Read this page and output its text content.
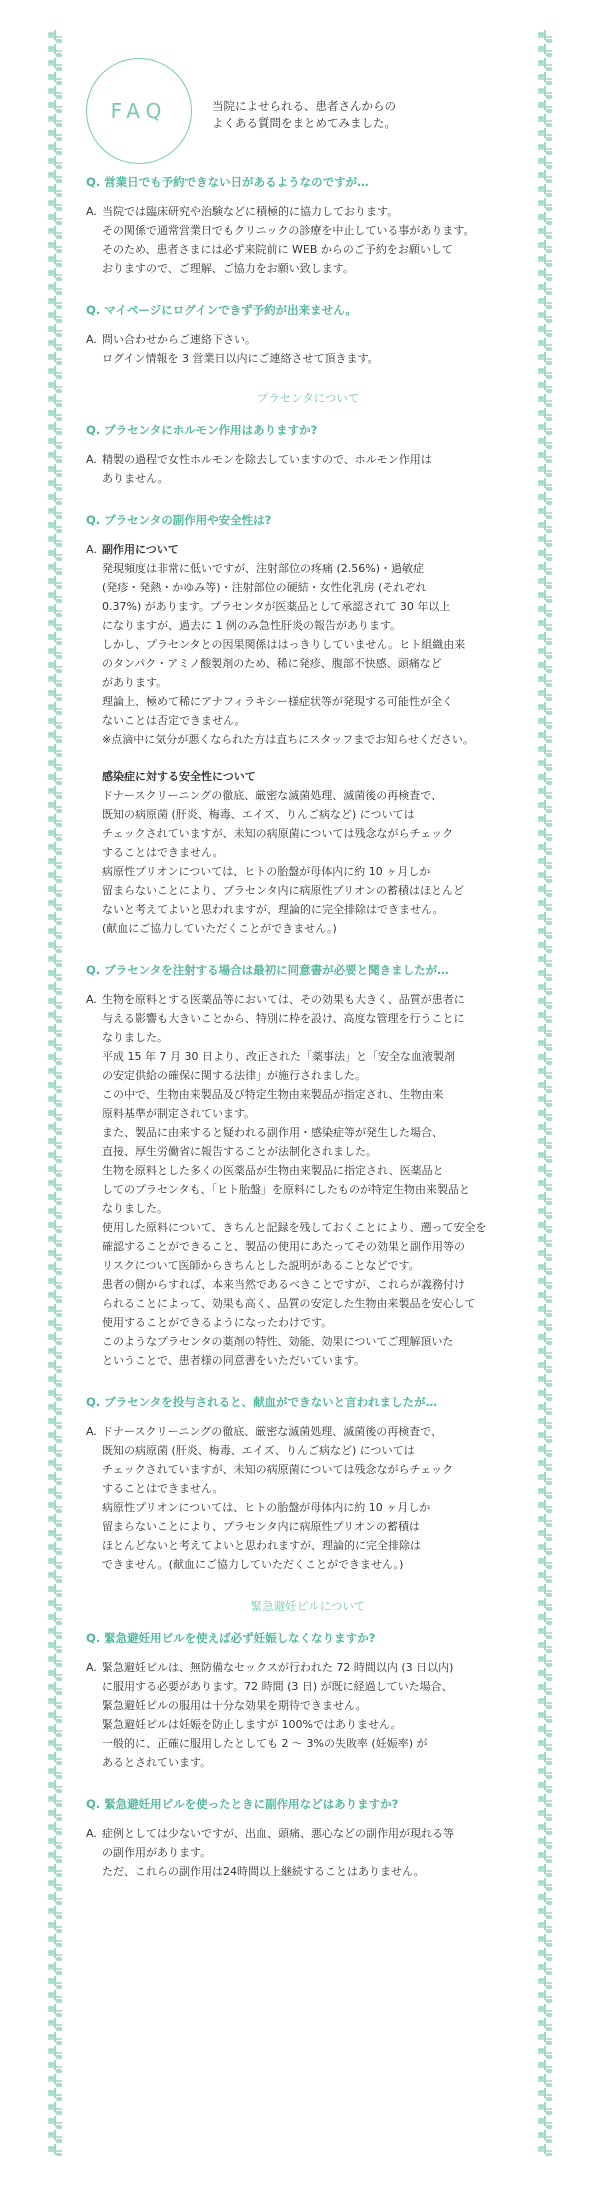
FAQ	当院によせられる、患者さんからの
よくある質問をまとめてみました。

Q. 営業日でも予約できない日があるようなのですが…

A. 当院では臨床研究や治験などに積極的に協力しております。
その関係で通常営業日でもクリニックの診療を中止している事があります。
そのため、患者さまには必ず来院前に WEB からのご予約をお願いして
おりますので、ご理解、ご協力をお願い致します。

Q. マイページにログインできず予約が出来ません。

A. 問い合わせからご連絡下さい。
ログイン情報を 3 営業日以内にご連絡させて頂きます。
プラセンタについて

Q. プラセンタにホルモン作用はありますか?

A. 精製の過程で女性ホルモンを除去していますので、ホルモン作用は
ありません。

Q. プラセンタの副作用や安全性は?

A. 副作用について
発現頻度は非常に低いですが、注射部位の疼痛 (2.56%)・過敏症
(発疹・発熱・かゆみ等)・注射部位の硬結・女性化乳房 (それぞれ
0.37%) があります。プラセンタが医薬品として承認されて 30 年以上
になりますが、過去に 1 例のみ急性肝炎の報告があります。
しかし、プラセンタとの因果関係ははっきりしていません。ヒト組織由来
のタンパク・アミノ酸製剤のため、稀に発疹、腹部不快感、頭痛など
があります。
理論上、極めて稀にアナフィラキシー様症状等が発現する可能性が全く
ないことは否定できません。
※点滴中に気分が悪くなられた方は直ちにスタッフまでお知らせください。
感染症に対する安全性について
ドナースクリーニングの徹底、厳密な滅菌処理、滅菌後の再検査で、
既知の病原菌 (肝炎、梅毒、エイズ、りんご病など) については
チェックされていますが、未知の病原菌については残念ながらチェック
することはできません。
病原性プリオンについては、ヒトの胎盤が母体内に約 10 ヶ月しか
留まらないことにより、プラセンタ内に病原性プリオンの蓄積はほとんど
ないと考えてよいと思われますが、理論的に完全排除はできません。
(献血にご協力していただくことができません。)

Q. プラセンタを注射する場合は最初に同意書が必要と聞きましたが…

A. 生物を原料とする医薬品等においては、その効果も大きく、品質が患者に
与える影響も大きいことから、特別に枠を設け、高度な管理を行うことに
なりました。
平成 15 年 7 月 30 日より、改正された「薬事法」と「安全な血液製剤
の安定供給の確保に関する法律」が施行されました。
この中で、生物由来製品及び特定生物由来製品が指定され、生物由来
原料基準が制定されています。
また、製品に由来すると疑われる副作用・感染症等が発生した場合、
直接、厚生労働省に報告することが法制化されました。
生物を原料とした多くの医薬品が生物由来製品に指定され、医薬品と
してのプラセンタも、「ヒト胎盤」を原料にしたものが特定生物由来製品と
なりました。
使用した原料について、きちんと記録を残しておくことにより、遡って安全を
確認することができること、製品の使用にあたってその効果と副作用等の
リスクについて医師からきちんとした説明があることなどです。
患者の側からすれば、本来当然であるべきことですが、これらが義務付け
られることによって、効果も高く、品質の安定した生物由来製品を安心して
使用することができるようになったわけです。
このようなプラセンタの薬剤の特性、効能、効果についてご理解頂いた
ということで、患者様の同意書をいただいています。

Q. プラセンタを投与されると、献血ができないと言われましたが…

A. ドナースクリーニングの徹底、厳密な滅菌処理、滅菌後の再検査で、
既知の病原菌 (肝炎、梅毒、エイズ、りんご病など) については
チェックされていますが、未知の病原菌については残念ながらチェック
することはできません。
病原性プリオンについては、ヒトの胎盤が母体内に約 10 ヶ月しか
留まらないことにより、プラセンタ内に病原性プリオンの蓄積は
ほとんどないと考えてよいと思われますが、理論的に完全排除は
できません。(献血にご協力していただくことができません。)
緊急避妊ピルについて

Q. 緊急避妊用ピルを使えば必ず妊娠しなくなりますか?

A. 緊急避妊ピルは、無防備なセックスが行われた 72 時間以内 (3 日以内)
に服用する必要があります。72 時間 (3 日) が既に経過していた場合、
緊急避妊ピルの服用は十分な効果を期待できません。
緊急避妊ピルは妊娠を防止しますが 100%ではありません。
一般的に、正確に服用したとしても 2 〜 3%の失敗率 (妊娠率) が
あるとされています。

Q. 緊急避妊用ピルを使ったときに副作用などはありますか?

A. 症例としては少ないですが、出血、頭痛、悪心などの副作用が現れる等
の副作用があります。
ただ、これらの副作用は24時間以上継続することはありません。
